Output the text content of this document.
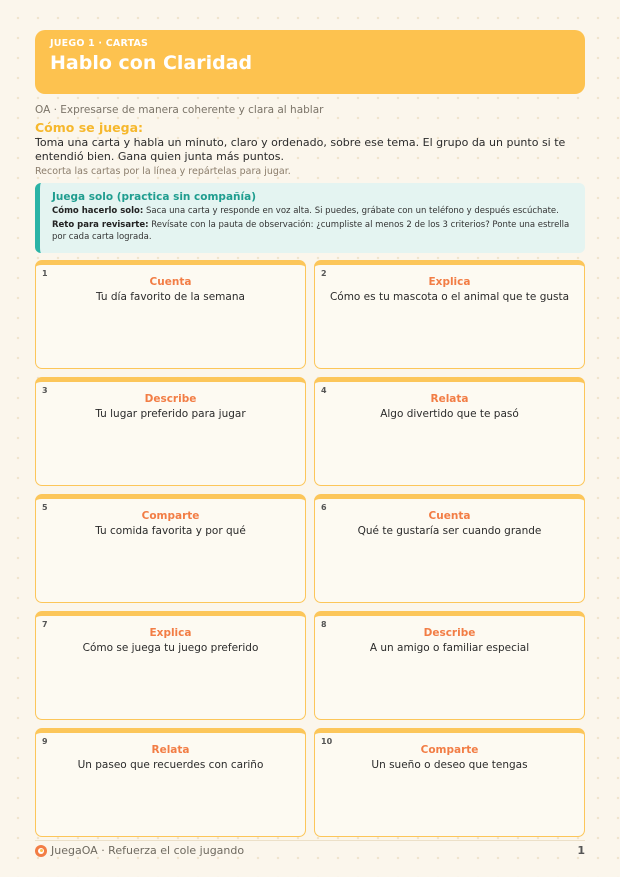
JUEGO 1 · CARTAS
Hablo con Claridad
OA · Expresarse de manera coherente y clara al hablar
Cómo se juega:
Toma una carta y habla un minuto, claro y ordenado, sobre ese tema. El grupo da un punto si te entendió bien. Gana quien junta más puntos.
Recorta las cartas por la línea y repártelas para jugar.
Juega solo (practica sin compañía)
Cómo hacerlo solo: Saca una carta y responde en voz alta. Si puedes, grábate con un teléfono y después escúchate.
Reto para revisarte: Revísate con la pauta de observación: ¿cumpliste al menos 2 de los 3 criterios? Ponte una estrella por cada carta lograda.
1
Cuenta
Tu día favorito de la semana
2
Explica
Cómo es tu mascota o el animal que te gusta
3
Describe
Tu lugar preferido para jugar
4
Relata
Algo divertido que te pasó
5
Comparte
Tu comida favorita y por qué
6
Cuenta
Qué te gustaría ser cuando grande
7
Explica
Cómo se juega tu juego preferido
8
Describe
A un amigo o familiar especial
9
Relata
Un paseo que recuerdes con cariño
10
Comparte
Un sueño o deseo que tengas
JuegaOA · Refuerza el cole jugando	1
